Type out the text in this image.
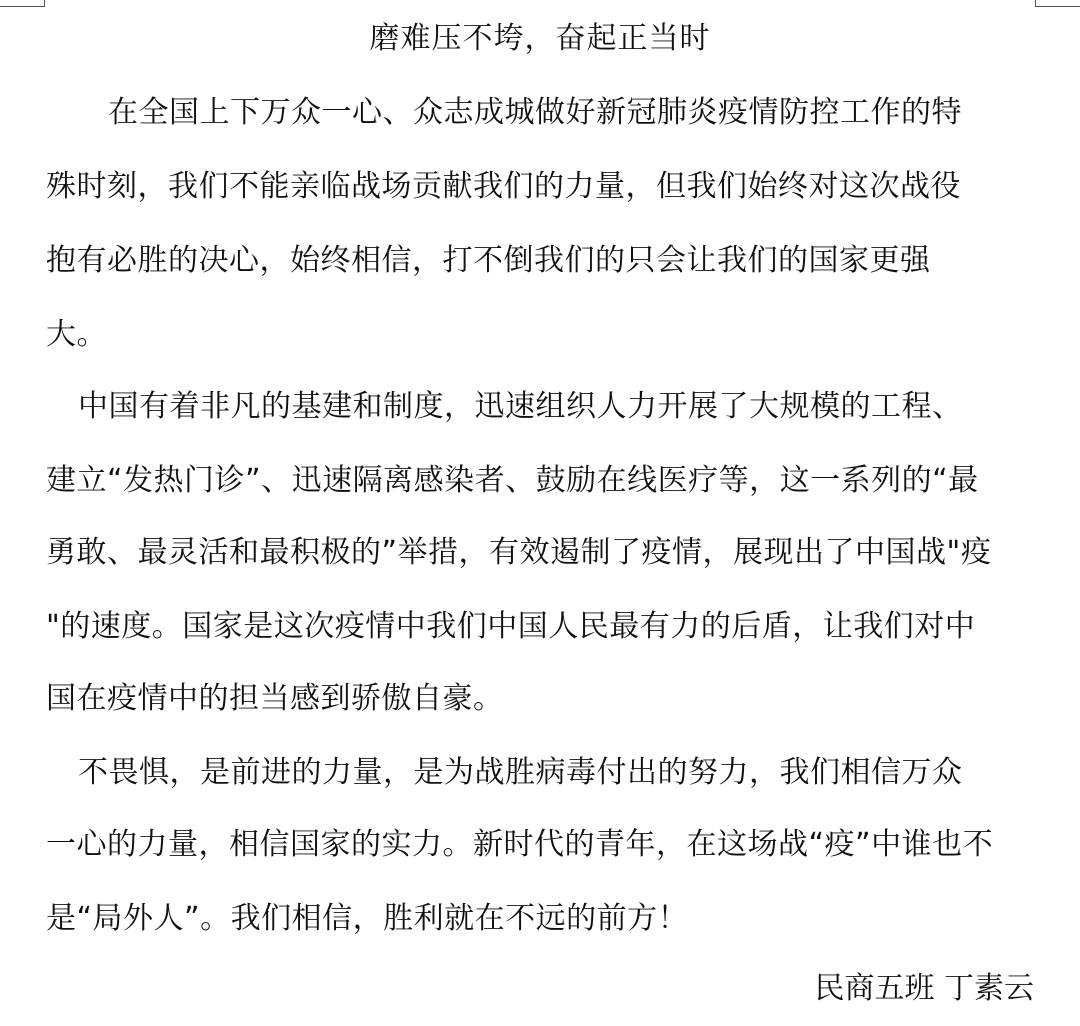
磨难压不垮，奋起正当时
在全国上下万众一心、众志成城做好新冠肺炎疫情防控工作的特
殊时刻，我们不能亲临战场贡献我们的力量，但我们始终对这次战役
抱有必胜的决心，始终相信，打不倒我们的只会让我们的国家更强
大。
中国有着非凡的基建和制度，迅速组织人力开展了大规模的工程、
建立“发热门诊”、迅速隔离感染者、鼓励在线医疗等，这一系列的“最
勇敢、最灵活和最积极的”举措，有效遏制了疫情，展现出了中国战"疫
"的速度。国家是这次疫情中我们中国人民最有力的后盾，让我们对中
国在疫情中的担当感到骄傲自豪。
不畏惧，是前进的力量，是为战胜病毒付出的努力，我们相信万众
一心的力量，相信国家的实力。新时代的青年，在这场战“疫”中谁也不
是“局外人”。我们相信，胜利就在不远的前方！
民商五班 丁素云
